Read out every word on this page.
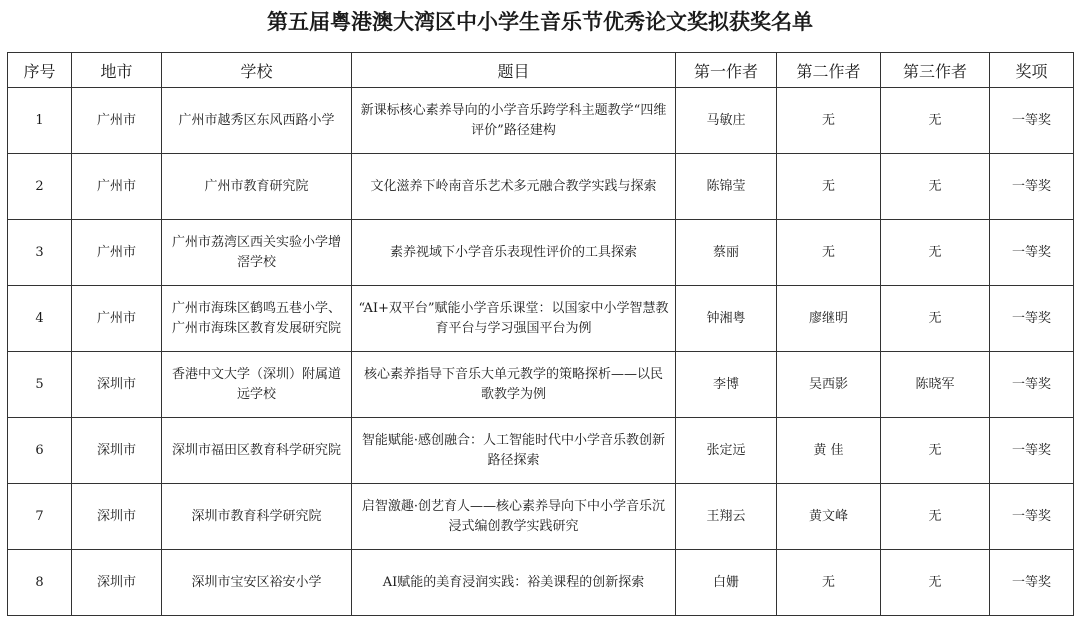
第五届粤港澳大湾区中小学生音乐节优秀论文奖拟获奖名单
序号	地市	学校	题目	第一作者	第二作者	第三作者	奖项
1	广州市	广州市越秀区东风西路小学	新课标核心素养导向的小学音乐跨学科主题教学“四维评价”路径建构	马敏庄	无	无	一等奖
2	广州市	广州市教育研究院	文化滋养下岭南音乐艺术多元融合教学实践与探索	陈锦莹	无	无	一等奖
3	广州市	广州市荔湾区西关实验小学增滘学校	素养视域下小学音乐表现性评价的工具探索	蔡丽	无	无	一等奖
4	广州市	广州市海珠区鹤鸣五巷小学、广州市海珠区教育发展研究院	“AI+双平台”赋能小学音乐课堂：以国家中小学智慧教育平台与学习强国平台为例	钟湘粤	廖继明	无	一等奖
5	深圳市	香港中文大学（深圳）附属道远学校	核心素养指导下音乐大单元教学的策略探析——以民歌教学为例	李博	吴西影	陈晓军	一等奖
6	深圳市	深圳市福田区教育科学研究院	智能赋能·感创融合：人工智能时代中小学音乐教创新路径探索	张定远	黄 佳	无	一等奖
7	深圳市	深圳市教育科学研究院	启智激趣·创艺育人——核心素养导向下中小学音乐沉浸式编创教学实践研究	王翔云	黄文峰	无	一等奖
8	深圳市	深圳市宝安区裕安小学	AI赋能的美育浸润实践：裕美课程的创新探索	白姗	无	无	一等奖
